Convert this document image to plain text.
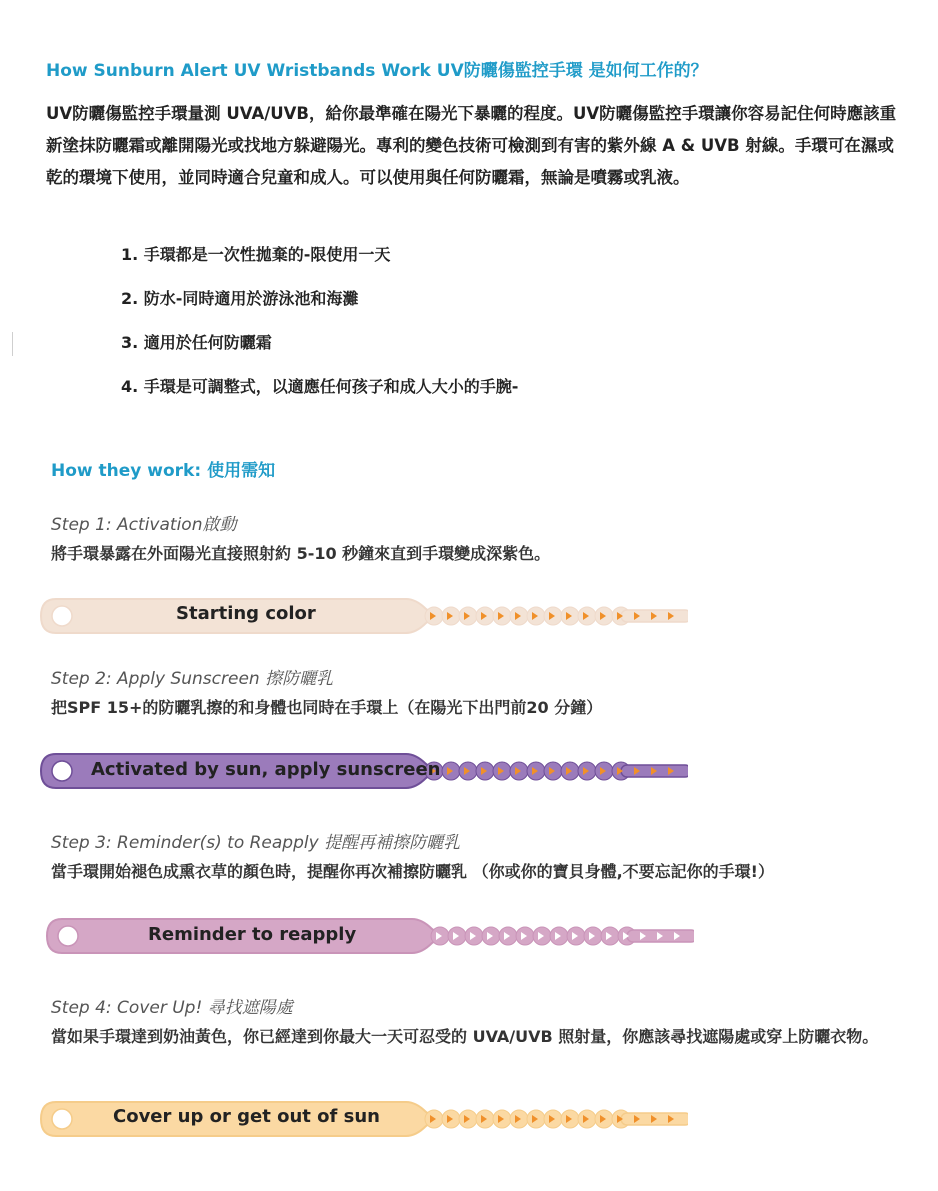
How Sunburn Alert UV Wristbands Work UV防曬傷監控手環 是如何工作的？
UV防曬傷監控手環量測 UVA/UVB，給你最準確在陽光下暴曬的程度。UV防曬傷監控手環讓你容易記住何時應該重新塗抹防曬霜或離開陽光或找地方躲避陽光。專利的變色技術可檢測到有害的紫外線 A & UVB 射線。手環可在濕或乾的環境下使用，並同時適合兒童和成人。可以使用與任何防曬霜，無論是噴霧或乳液。
1. 手環都是一次性拋棄的-限使用一天
2. 防水-同時適用於游泳池和海灘
3. 適用於任何防曬霜
4. 手環是可調整式，以適應任何孩子和成人大小的手腕-
How they work: 使用需知
Step 1: Activation啟動
將手環暴露在外面陽光直接照射約 5-10 秒鐘來直到手環變成深紫色。
Starting color
Step 2: Apply Sunscreen 擦防曬乳
把SPF 15+的防曬乳擦的和身體也同時在手環上（在陽光下出門前20 分鐘）
Activated by sun, apply sunscreen
Step 3: Reminder(s) to Reapply 提醒再補擦防曬乳
當手環開始褪色成熏衣草的顏色時，提醒你再次補擦防曬乳 （你或你的寶貝身體,不要忘記你的手環!）
Reminder to reapply
Step 4: Cover Up! 尋找遮陽處
當如果手環達到奶油黃色，你已經達到你最大一天可忍受的 UVA/UVB 照射量，你應該尋找遮陽處或穿上防曬衣物。
Cover up or get out of sun
